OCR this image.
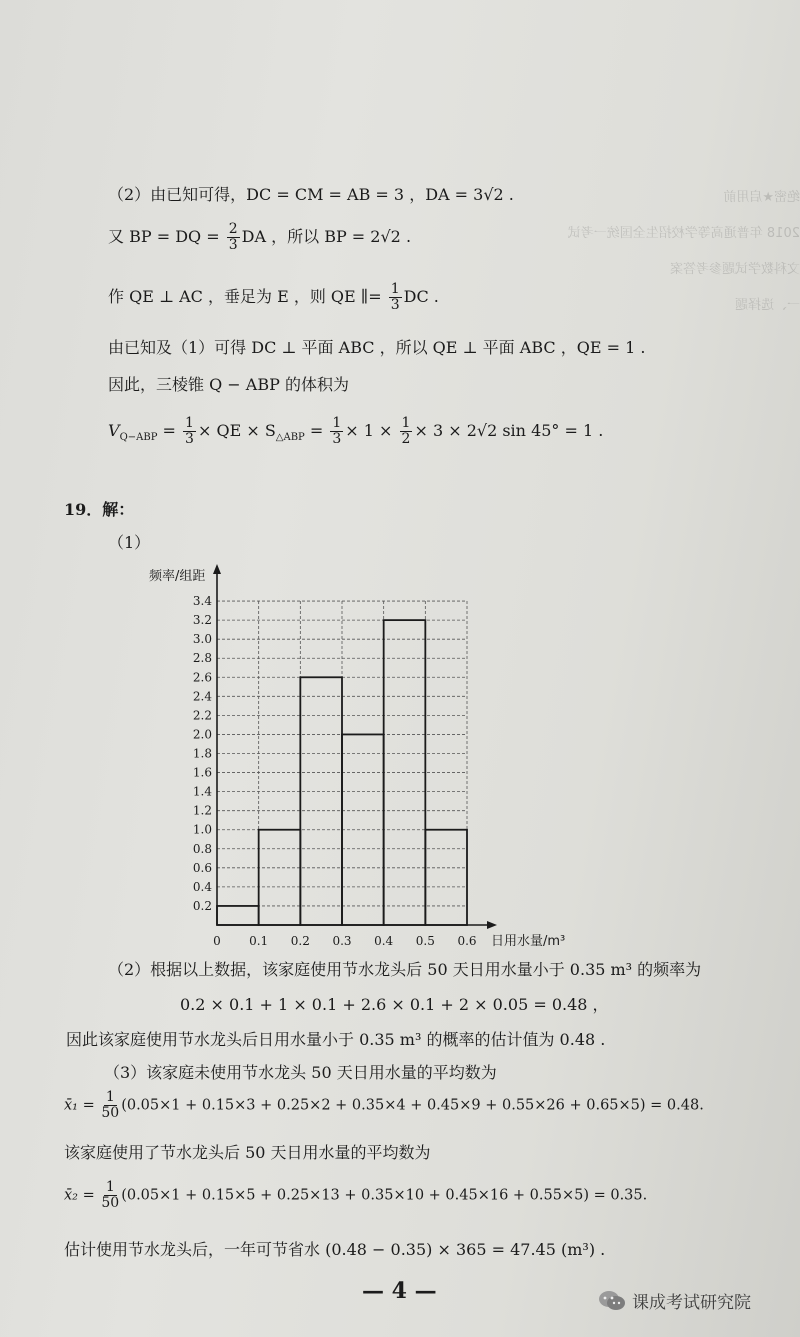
绝密★启用前
2018 年普通高等学校招生全国统一考试
文科数学试题参考答案
一、选择题
（2）由已知可得，DC = CM = AB = 3 ，DA = 3√2 .
又 BP = DQ = $\frac{2}{3}$ DA ，所以 BP = 2√2 .
作 QE ⊥ AC ，垂足为 E ，则 QE ∥= $\frac{1}{3}$ DC .
由已知及（1）可得 DC ⊥ 平面 ABC ，所以 QE ⊥ 平面 ABC ，QE = 1 .
因此，三棱锥 Q − ABP 的体积为
$V_{Q-ABP} = \frac{1}{3}$ × QE × $S_{\triangle ABP} = \frac{1}{3} \times 1 \times \frac{1}{2} \times 3 \times 2√2$ sin 45° = 1 .
19．解：
（1）
0.2
0.4
0.6
0.8
1.0
1.2
1.4
1.6
1.8
2.0
2.2
2.4
2.6
2.8
3.0
3.2
3.4
0 0.1 0.2 0.3 0.4 0.5 0.6
频率/组距
日用水量/m³
（2）根据以上数据，该家庭使用节水龙头后 50 天日用水量小于 0.35 m³ 的频率为
0.2 × 0.1 + 1 × 0.1 + 2.6 × 0.1 + 2 × 0.05 = 0.48 ，
因此该家庭使用节水龙头后日用水量小于 0.35 m³ 的概率的估计值为 0.48 .
（3）该家庭未使用节水龙头 50 天日用水量的平均数为
x̄₁ = $\frac{1}{50} (0.05\times 1 + 0.15\times 3 + 0.25\times 2 + 0.35\times 4 + 0.45\times 9 + 0.55\times 26 + 0.65\times 5) = 0.48$.
该家庭使用了节水龙头后 50 天日用水量的平均数为
x̄₂ = $\frac{1}{50} (0.05\times 1 + 0.15\times 5 + 0.25\times 13 + 0.35\times 10 + 0.45\times 16 + 0.55\times 5) = 0.35$.
估计使用节水龙头后，一年可节省水 (0.48 − 0.35) × 365 = 47.45 (m³) .
— 4 —	课成考试研究院
